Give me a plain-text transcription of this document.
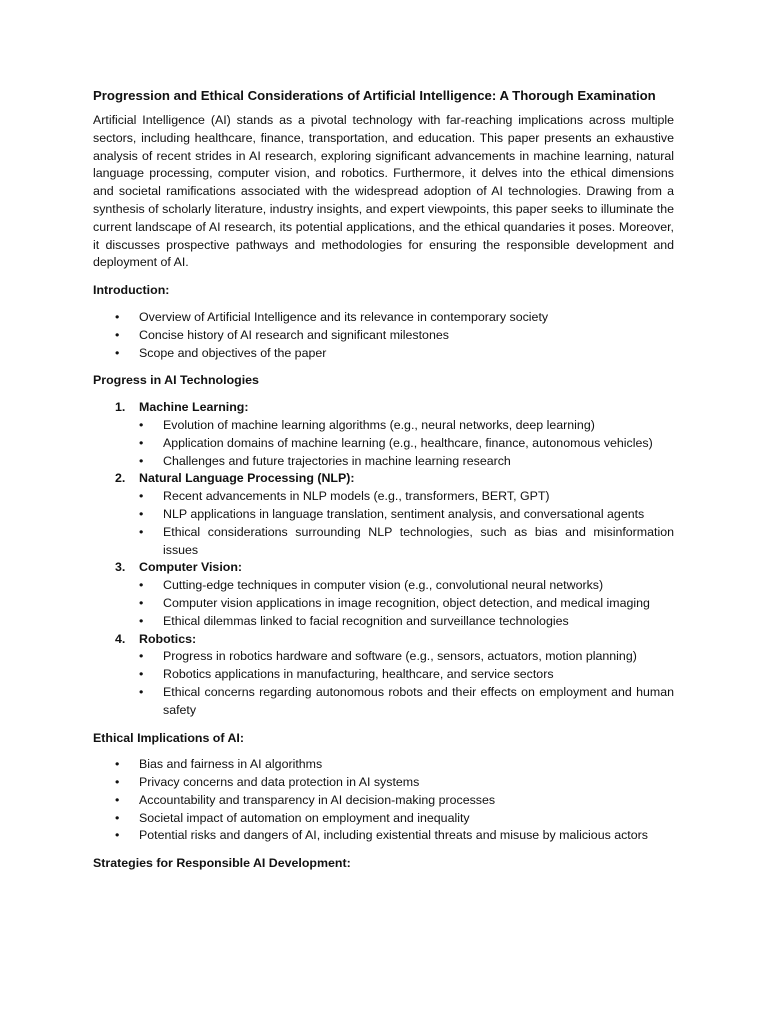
Progression and Ethical Considerations of Artificial Intelligence: A Thorough Examination
Artificial Intelligence (AI) stands as a pivotal technology with far-reaching implications across multiple sectors, including healthcare, finance, transportation, and education. This paper presents an exhaustive analysis of recent strides in AI research, exploring significant advancements in machine learning, natural language processing, computer vision, and robotics. Furthermore, it delves into the ethical dimensions and societal ramifications associated with the widespread adoption of AI technologies. Drawing from a synthesis of scholarly literature, industry insights, and expert viewpoints, this paper seeks to illuminate the current landscape of AI research, its potential applications, and the ethical quandaries it poses. Moreover, it discusses prospective pathways and methodologies for ensuring the responsible development and deployment of AI.
Introduction:
• Overview of Artificial Intelligence and its relevance in contemporary society
• Concise history of AI research and significant milestones
• Scope and objectives of the paper
Progress in AI Technologies
1. Machine Learning:
• Evolution of machine learning algorithms (e.g., neural networks, deep learning)
• Application domains of machine learning (e.g., healthcare, finance, autonomous vehicles)
• Challenges and future trajectories in machine learning research
2. Natural Language Processing (NLP):
• Recent advancements in NLP models (e.g., transformers, BERT, GPT)
• NLP applications in language translation, sentiment analysis, and conversational agents
• Ethical considerations surrounding NLP technologies, such as bias and misinformation issues
3. Computer Vision:
• Cutting-edge techniques in computer vision (e.g., convolutional neural networks)
• Computer vision applications in image recognition, object detection, and medical imaging
• Ethical dilemmas linked to facial recognition and surveillance technologies
4. Robotics:
• Progress in robotics hardware and software (e.g., sensors, actuators, motion planning)
• Robotics applications in manufacturing, healthcare, and service sectors
• Ethical concerns regarding autonomous robots and their effects on employment and human safety
Ethical Implications of AI:
• Bias and fairness in AI algorithms
• Privacy concerns and data protection in AI systems
• Accountability and transparency in AI decision-making processes
• Societal impact of automation on employment and inequality
• Potential risks and dangers of AI, including existential threats and misuse by malicious actors
Strategies for Responsible AI Development:
